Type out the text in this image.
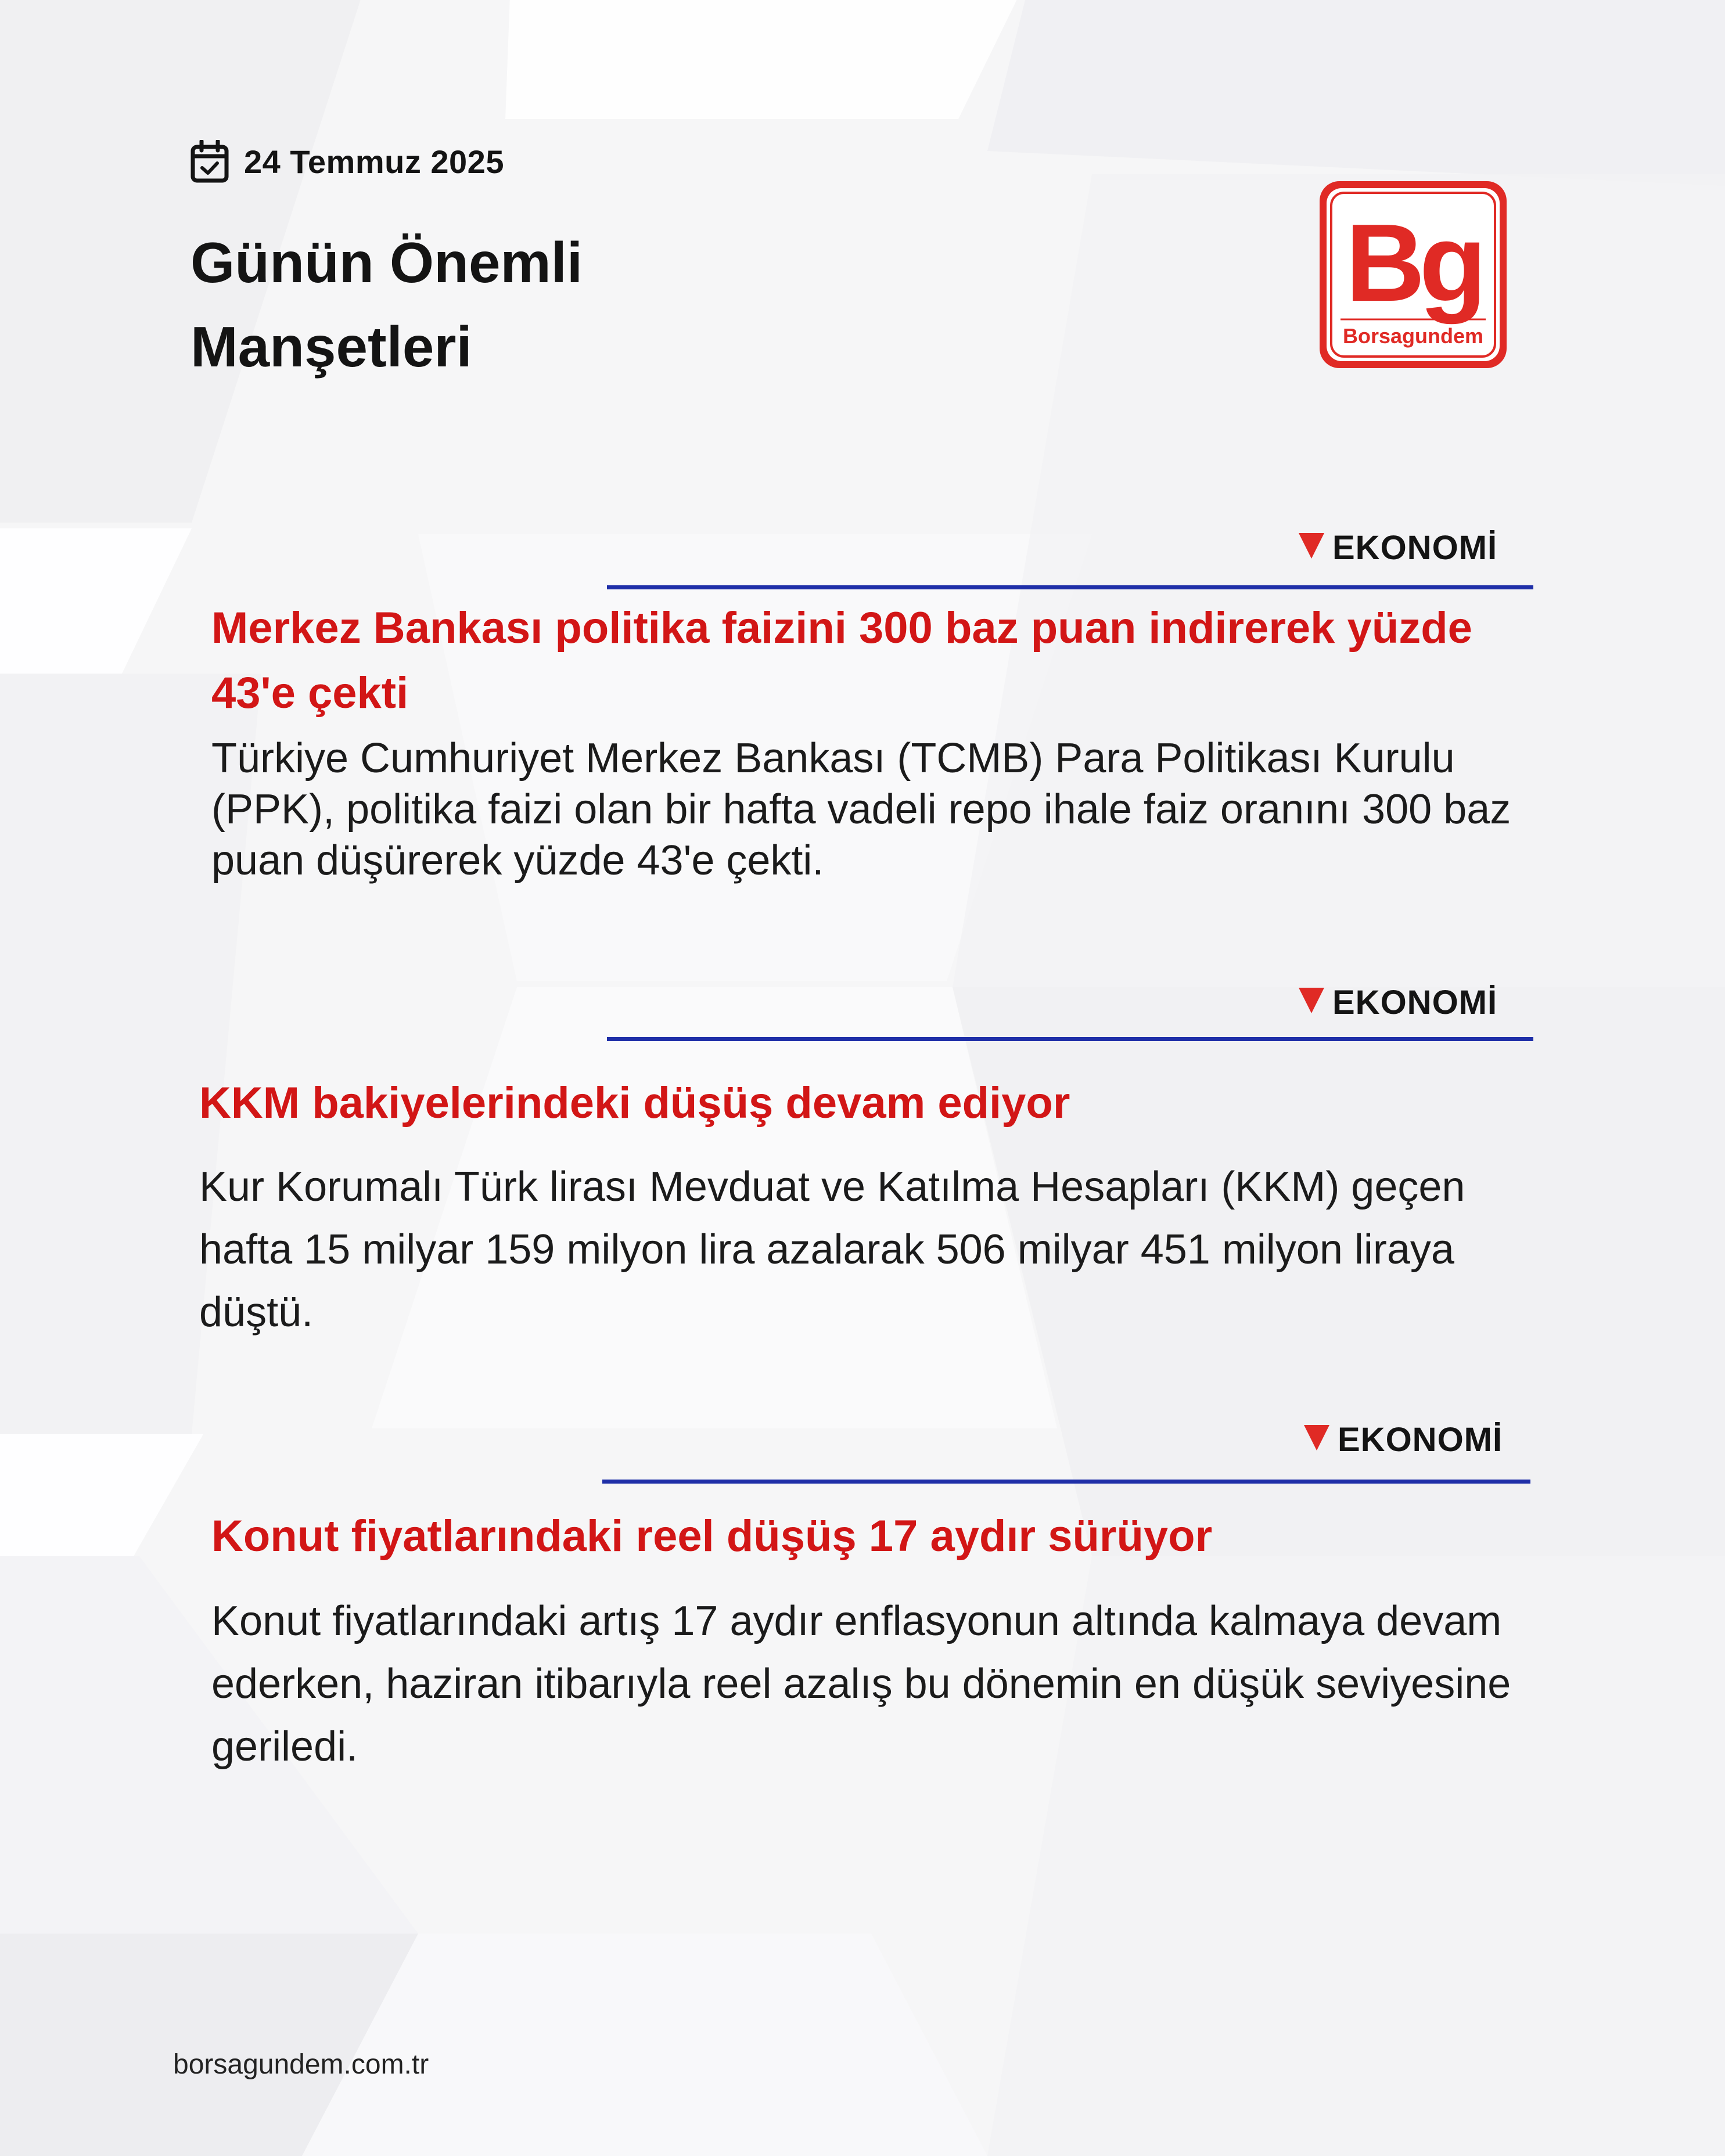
24 Temmuz 2025
Günün Önemli Manşetleri
Bg
Borsagundem
EKONOMİ
Merkez Bankası politika faizini 300 baz puan indirerek yüzde 43'e çekti

Türkiye Cumhuriyet Merkez Bankası (TCMB) Para Politikası Kurulu (PPK), politika faizi olan bir hafta vadeli repo ihale faiz oranını 300 baz puan düşürerek yüzde 43'e çekti.

EKONOMİ
KKM bakiyelerindeki düşüş devam ediyor

Kur Korumalı Türk lirası Mevduat ve Katılma Hesapları (KKM) geçen hafta 15 milyar 159 milyon lira azalarak 506 milyar 451 milyon liraya düştü.

EKONOMİ
Konut fiyatlarındaki reel düşüş 17 aydır sürüyor

Konut fiyatlarındaki artış 17 aydır enflasyonun altında kalmaya devam ederken, haziran itibarıyla reel azalış bu dönemin en düşük seviyesine geriledi.

borsagundem.com.tr
